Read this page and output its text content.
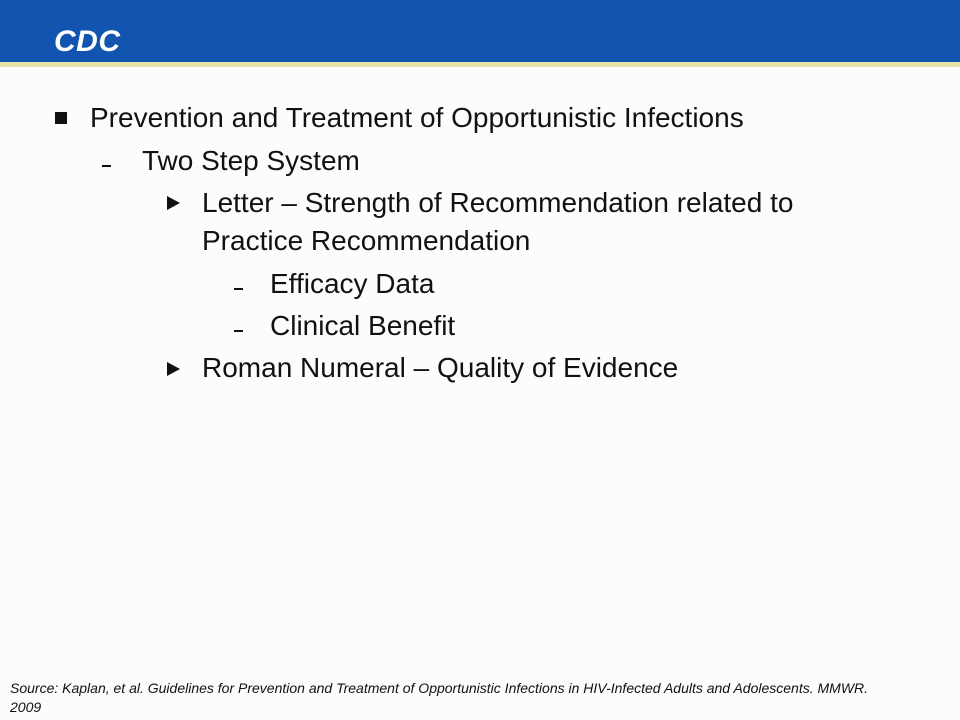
CDC
Prevention and Treatment of Opportunistic Infections
Two Step System
Letter – Strength of Recommendation related to
Practice Recommendation
Efficacy Data
Clinical Benefit
Roman Numeral – Quality of Evidence
Source: Kaplan, et al. Guidelines for Prevention and Treatment of Opportunistic Infections in HIV-Infected Adults and Adolescents. MMWR. 2009
